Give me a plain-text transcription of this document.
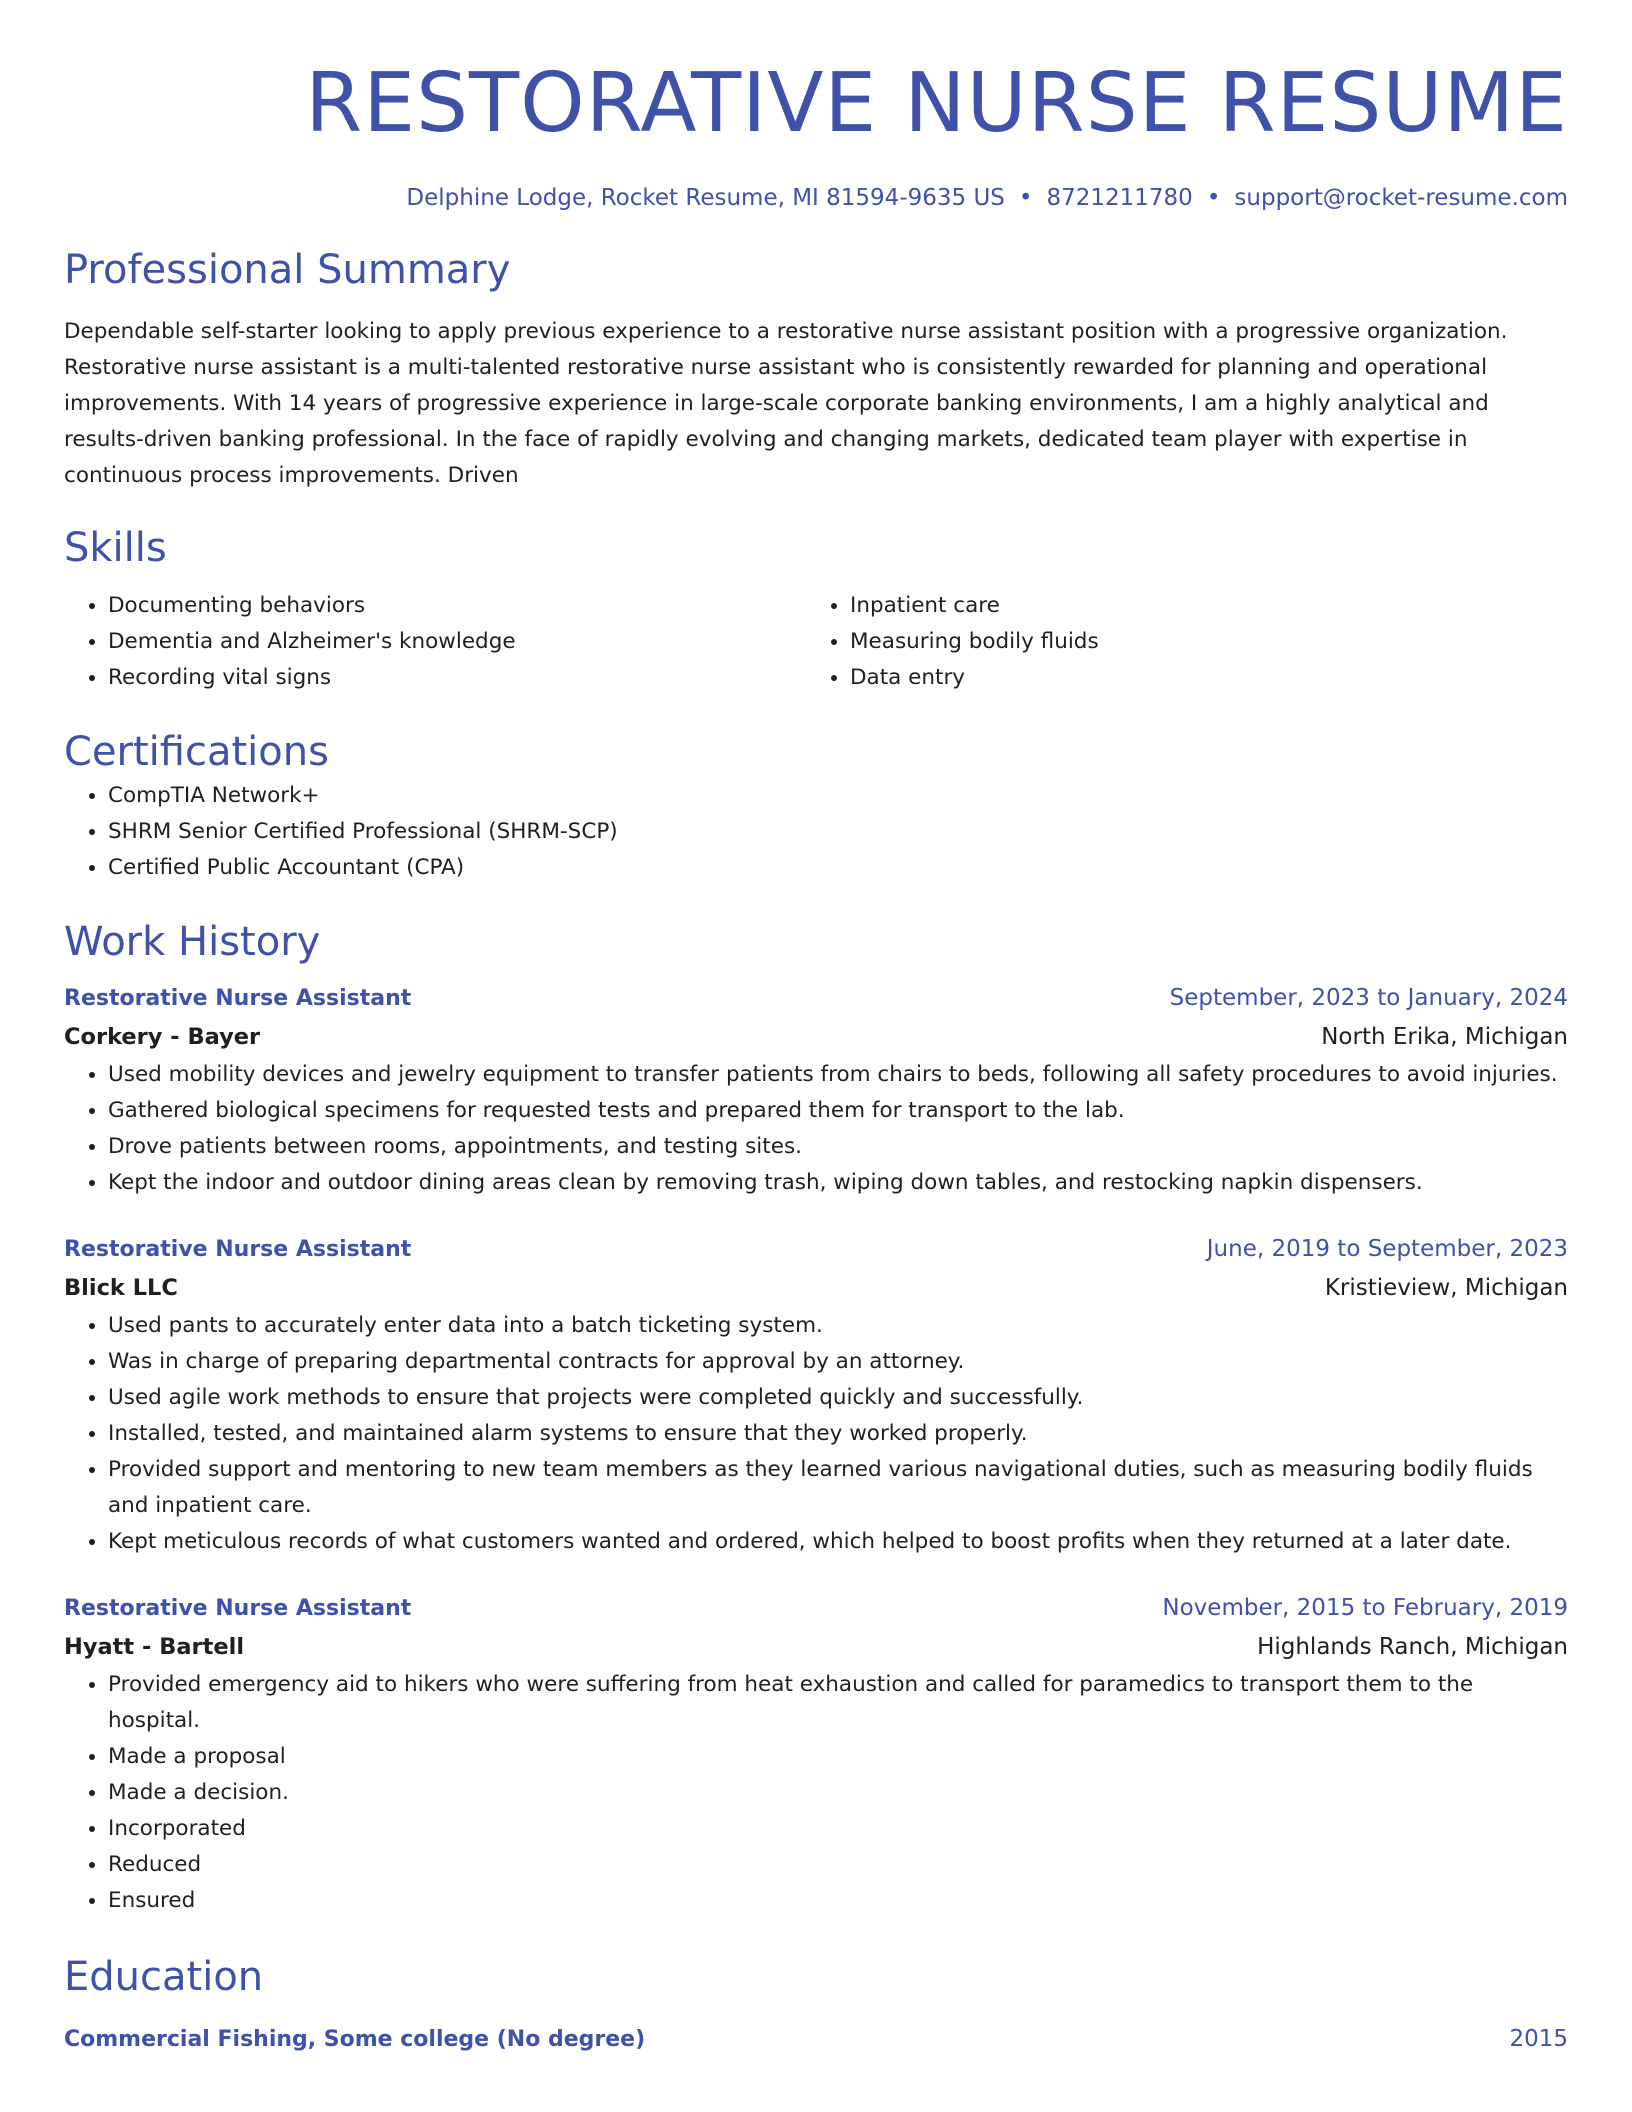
RESTORATIVE NURSE RESUME
Delphine Lodge, Rocket Resume, MI 81594-9635 US • 8721211780 • support@rocket-resume.com
Professional Summary
Dependable self-starter looking to apply previous experience to a restorative nurse assistant position with a progressive organization. Restorative nurse assistant is a multi-talented restorative nurse assistant who is consistently rewarded for planning and operational improvements. With 14 years of progressive experience in large-scale corporate banking environments, I am a highly analytical and results-driven banking professional. In the face of rapidly evolving and changing markets, dedicated team player with expertise in continuous process improvements. Driven
Skills
• Documenting behaviors
• Dementia and Alzheimer's knowledge
• Recording vital signs
• Inpatient care
• Measuring bodily fluids
• Data entry
Certifications
• CompTIA Network+
• SHRM Senior Certified Professional (SHRM-SCP)
• Certified Public Accountant (CPA)
Work History
Restorative Nurse Assistant	September, 2023 to January, 2024
Corkery - Bayer	North Erika, Michigan
• Used mobility devices and jewelry equipment to transfer patients from chairs to beds, following all safety procedures to avoid injuries.
• Gathered biological specimens for requested tests and prepared them for transport to the lab.
• Drove patients between rooms, appointments, and testing sites.
• Kept the indoor and outdoor dining areas clean by removing trash, wiping down tables, and restocking napkin dispensers.
Restorative Nurse Assistant	June, 2019 to September, 2023
Blick LLC	Kristieview, Michigan
• Used pants to accurately enter data into a batch ticketing system.
• Was in charge of preparing departmental contracts for approval by an attorney.
• Used agile work methods to ensure that projects were completed quickly and successfully.
• Installed, tested, and maintained alarm systems to ensure that they worked properly.
• Provided support and mentoring to new team members as they learned various navigational duties, such as measuring bodily fluids and inpatient care.
• Kept meticulous records of what customers wanted and ordered, which helped to boost profits when they returned at a later date.
Restorative Nurse Assistant	November, 2015 to February, 2019
Hyatt - Bartell	Highlands Ranch, Michigan
• Provided emergency aid to hikers who were suffering from heat exhaustion and called for paramedics to transport them to the hospital.
• Made a proposal
• Made a decision.
• Incorporated
• Reduced
• Ensured
Education
Commercial Fishing, Some college (No degree)	2015
